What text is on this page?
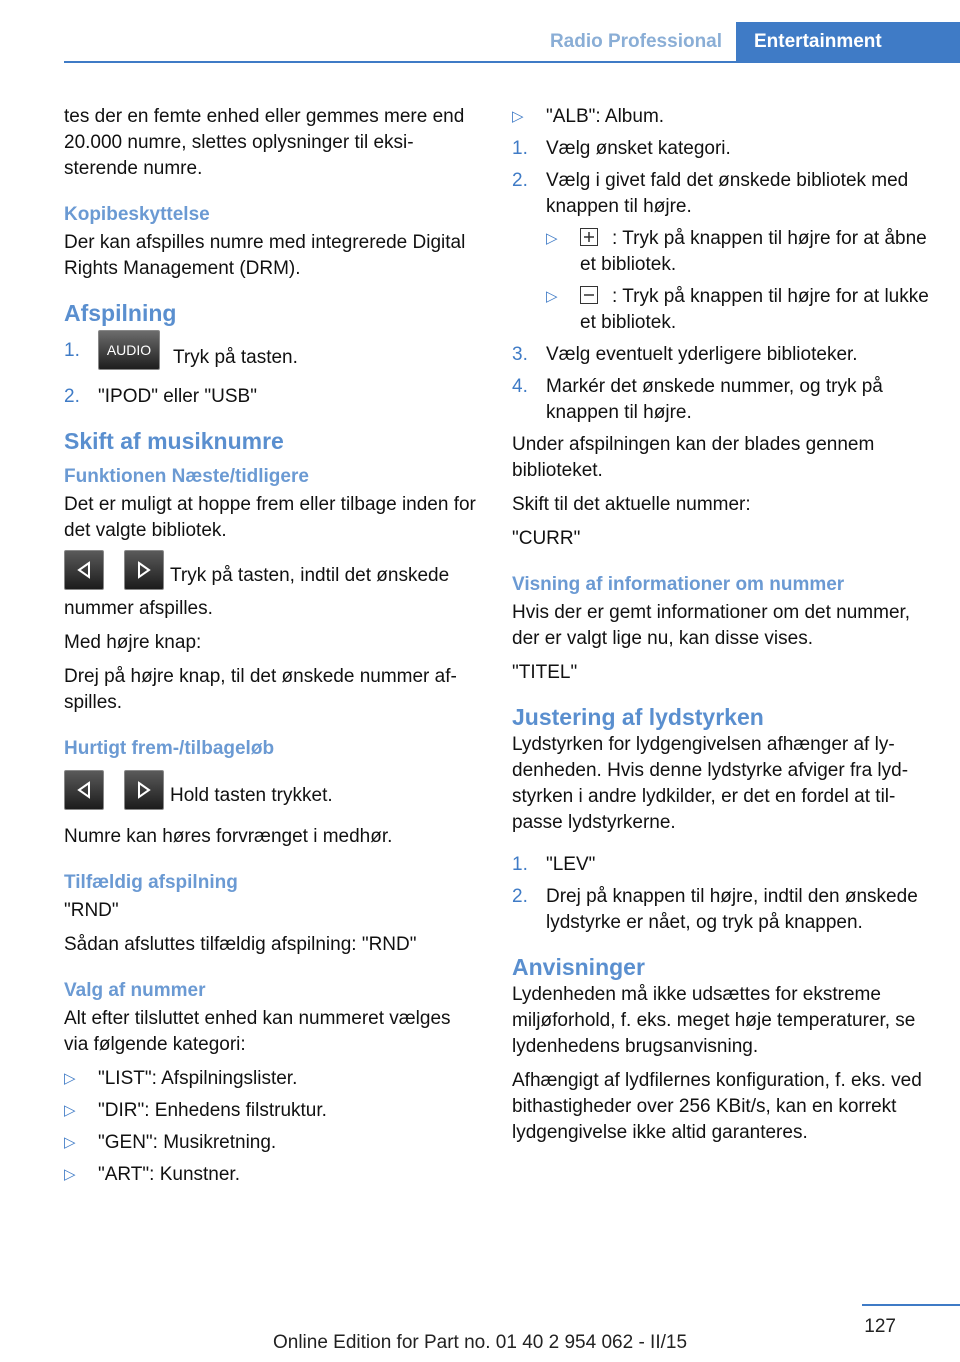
Radio Professional	Entertainment

tes der en femte enhed eller gemmes mere end 20.000 numre, slettes oplysninger til eksisterende numre.

Kopibeskyttelse

Der kan afspilles numre med integrerede Digital Rights Management (DRM).

Afspilning
1.	AUDIO Tryk på tasten.
2. "IPOD" eller "USB"
Skift af musiknumre
Funktionen Næste/tidligere

Det er muligt at hoppe frem eller tilbage inden for det valgte bibliotek.

Tryk på tasten, indtil det ønskede nummer afspilles.

Med højre knap:

Drej på højre knap, til det ønskede nummer afspilles.

Hurtigt frem-/tilbageløb

Hold tasten trykket.

Numre kan høres forvrænget i medhør.

Tilfældig afspilning

"RND"

Sådan afsluttes tilfældig afspilning: "RND"

Valg af nummer

Alt efter tilsluttet enhed kan nummeret vælges via følgende kategori:

▷	"LIST": Afspilningslister.
▷	"DIR": Enhedens filstruktur.
▷	"GEN": Musikretning.
▷	"ART": Kunstner.
▷	"ALB": Album.
1. Vælg ønsket kategori.
2. Vælg i givet fald det ønskede bibliotek med knappen til højre.
▷	: Tryk på knappen til højre for at åbne et bibliotek.
▷	: Tryk på knappen til højre for at lukke et bibliotek.
3. Vælg eventuelt yderligere biblioteker.
4. Markér det ønskede nummer, og tryk på knappen til højre.

Under afspilningen kan der blades gennem biblioteket.

Skift til det aktuelle nummer:

"CURR"

Visning af informationer om nummer

Hvis der er gemt informationer om det nummer, der er valgt lige nu, kan disse vises.

"TITEL"

Justering af lydstyrken

Lydstyrken for lydgengivelsen afhænger af lydenheden. Hvis denne lydstyrke afviger fra lydstyrken i andre lydkilder, er det en fordel at tilpasse lydstyrkerne.

1. "LEV"
2. Drej på knappen til højre, indtil den ønskede lydstyrke er nået, og tryk på knappen.
Anvisninger

Lydenheden må ikke udsættes for ekstreme miljøforhold, f. eks. meget høje temperaturer, se lydenhedens brugsanvisning.

Afhængigt af lydfilernes konfiguration, f. eks. ved bithastigheder over 256 KBit/s, kan en korrekt lydgengivelse ikke altid garanteres.

127
Online Edition for Part no. 01 40 2 954 062 - II/15
